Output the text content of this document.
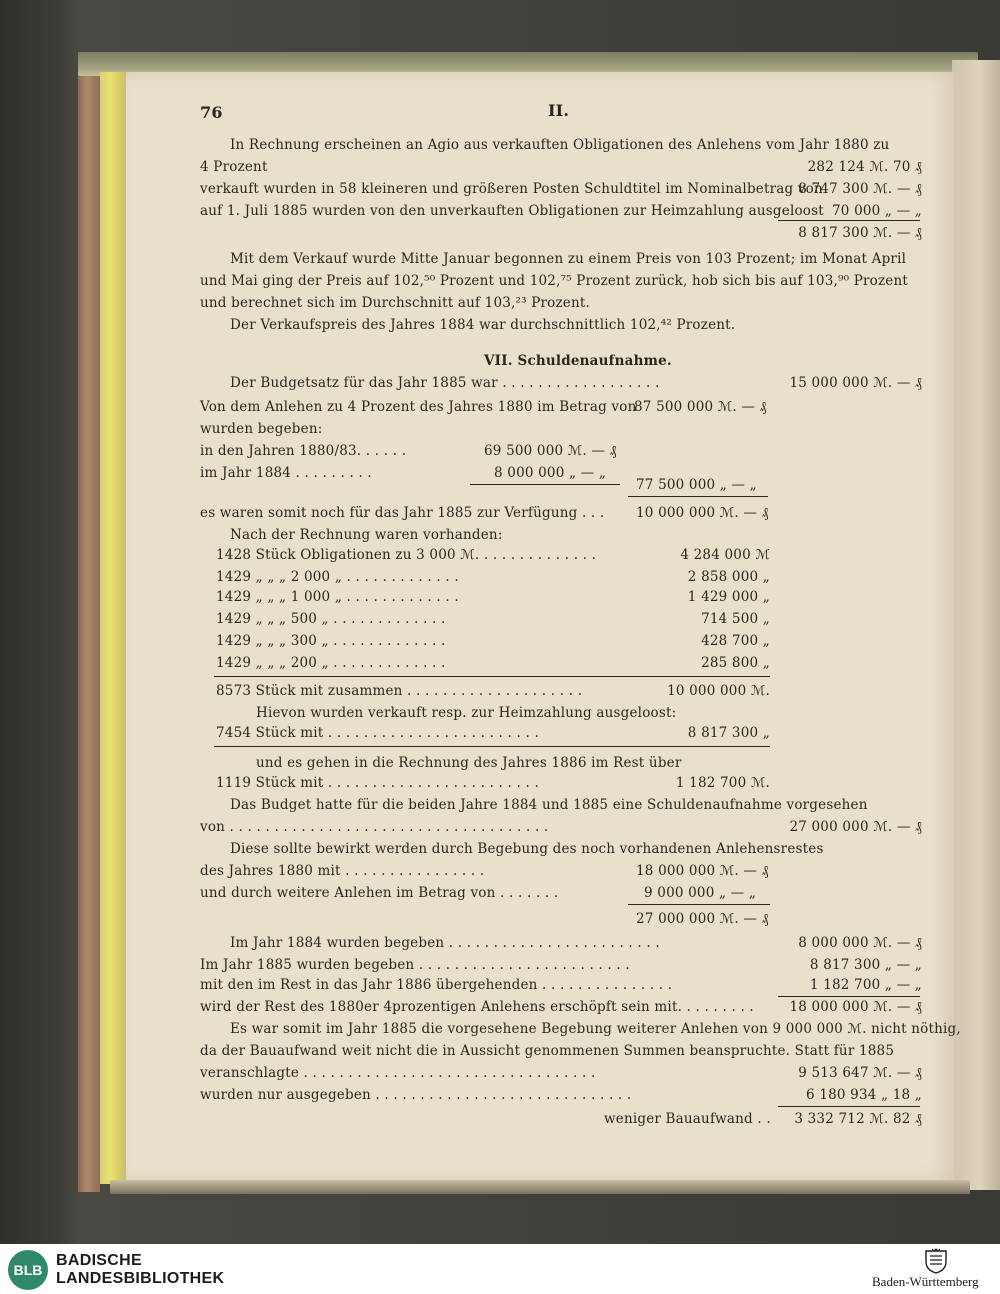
76	II.
In Rechnung erscheinen an Agio aus verkauften Obligationen des Anlehens vom Jahr 1880 zu
4 Prozent	282 124 ℳ. 70 ₰
verkauft wurden in 58 kleineren und größeren Posten Schuldtitel im Nominalbetrag von
8 747 300 ℳ. — ₰
auf 1. Juli 1885 wurden von den unverkauften Obligationen zur Heimzahlung ausgeloost 70 000 „ — „
8 817 300 ℳ. — ₰
Mit dem Verkauf wurde Mitte Januar begonnen zu einem Preis von 103 Prozent; im Monat April
und Mai ging der Preis auf 102,⁵⁰ Prozent und 102,⁷⁵ Prozent zurück, hob sich bis auf 103,⁹⁰ Prozent
und berechnet sich im Durchschnitt auf 103,²³ Prozent.
Der Verkaufspreis des Jahres 1884 war durchschnittlich 102,⁴² Prozent.
VII. Schuldenaufnahme.
Der Budgetsatz für das Jahr 1885 war . . . . . . . . . . . . . . . . . .	15 000 000 ℳ. — ₰
Von dem Anlehen zu 4 Prozent des Jahres 1880 im Betrag von
87 500 000 ℳ. — ₰
wurden begeben:
in den Jahren 1880/83. . . . . .	69 500 000 ℳ. — ₰
im Jahr 1884 . . . . . . . . .	8 000 000 „ — „
77 500 000 „ — „
es waren somit noch für das Jahr 1885 zur Verfügung . . . 10 000 000 ℳ. — ₰
Nach der Rechnung waren vorhanden:
1428 Stück Obligationen zu 3 000 ℳ. . . . . . . . . . . . . .	4 284 000 ℳ
1429 „ „ „ 2 000 „ . . . . . . . . . . . . .	2 858 000 „
1429 „ „ „ 1 000 „ . . . . . . . . . . . . .	1 429 000 „
1429 „ „ „ 500 „ . . . . . . . . . . . . .	714 500 „
1429 „ „ „ 300 „ . . . . . . . . . . . . .	428 700 „
1429 „ „ „ 200 „ . . . . . . . . . . . . .	285 800 „
8573 Stück mit zusammen . . . . . . . . . . . . . . . . . . . .	10 000 000 ℳ.
Hievon wurden verkauft resp. zur Heimzahlung ausgeloost:
7454 Stück mit . . . . . . . . . . . . . . . . . . . . . . . .	8 817 300 „
und es gehen in die Rechnung des Jahres 1886 im Rest über
1119 Stück mit . . . . . . . . . . . . . . . . . . . . . . . .	1 182 700 ℳ.
Das Budget hatte für die beiden Jahre 1884 und 1885 eine Schuldenaufnahme vorgesehen
von . . . . . . . . . . . . . . . . . . . . . . . . . . . . . . . . . . . .	27 000 000 ℳ. — ₰
Diese sollte bewirkt werden durch Begebung des noch vorhandenen Anlehensrestes
des Jahres 1880 mit . . . . . . . . . . . . . . . .	18 000 000 ℳ. — ₰
und durch weitere Anlehen im Betrag von . . . . . . .	9 000 000 „ — „
27 000 000 ℳ. — ₰
Im Jahr 1884 wurden begeben . . . . . . . . . . . . . . . . . . . . . . . .	8 000 000 ℳ. — ₰
Im Jahr 1885 wurden begeben . . . . . . . . . . . . . . . . . . . . . . . .	8 817 300 „ — „
mit den im Rest in das Jahr 1886 übergehenden . . . . . . . . . . . . . . .	1 182 700 „ — „
wird der Rest des 1880er 4prozentigen Anlehens erschöpft sein mit. . . . . . . . .	18 000 000 ℳ. — ₰
Es war somit im Jahr 1885 die vorgesehene Begebung weiterer Anlehen von 9 000 000 ℳ. nicht nöthig,
da der Bauaufwand weit nicht die in Aussicht genommenen Summen beanspruchte. Statt für 1885
veranschlagte . . . . . . . . . . . . . . . . . . . . . . . . . . . . . . . . .	9 513 647 ℳ. — ₰
wurden nur ausgegeben . . . . . . . . . . . . . . . . . . . . . . . . . . . . .	6 180 934 „ 18 „
weniger Bauaufwand . . 3 332 712 ℳ. 82 ₰
BLB
BADISCHE
LANDESBIBLIOTHEK	Baden-Württemberg
